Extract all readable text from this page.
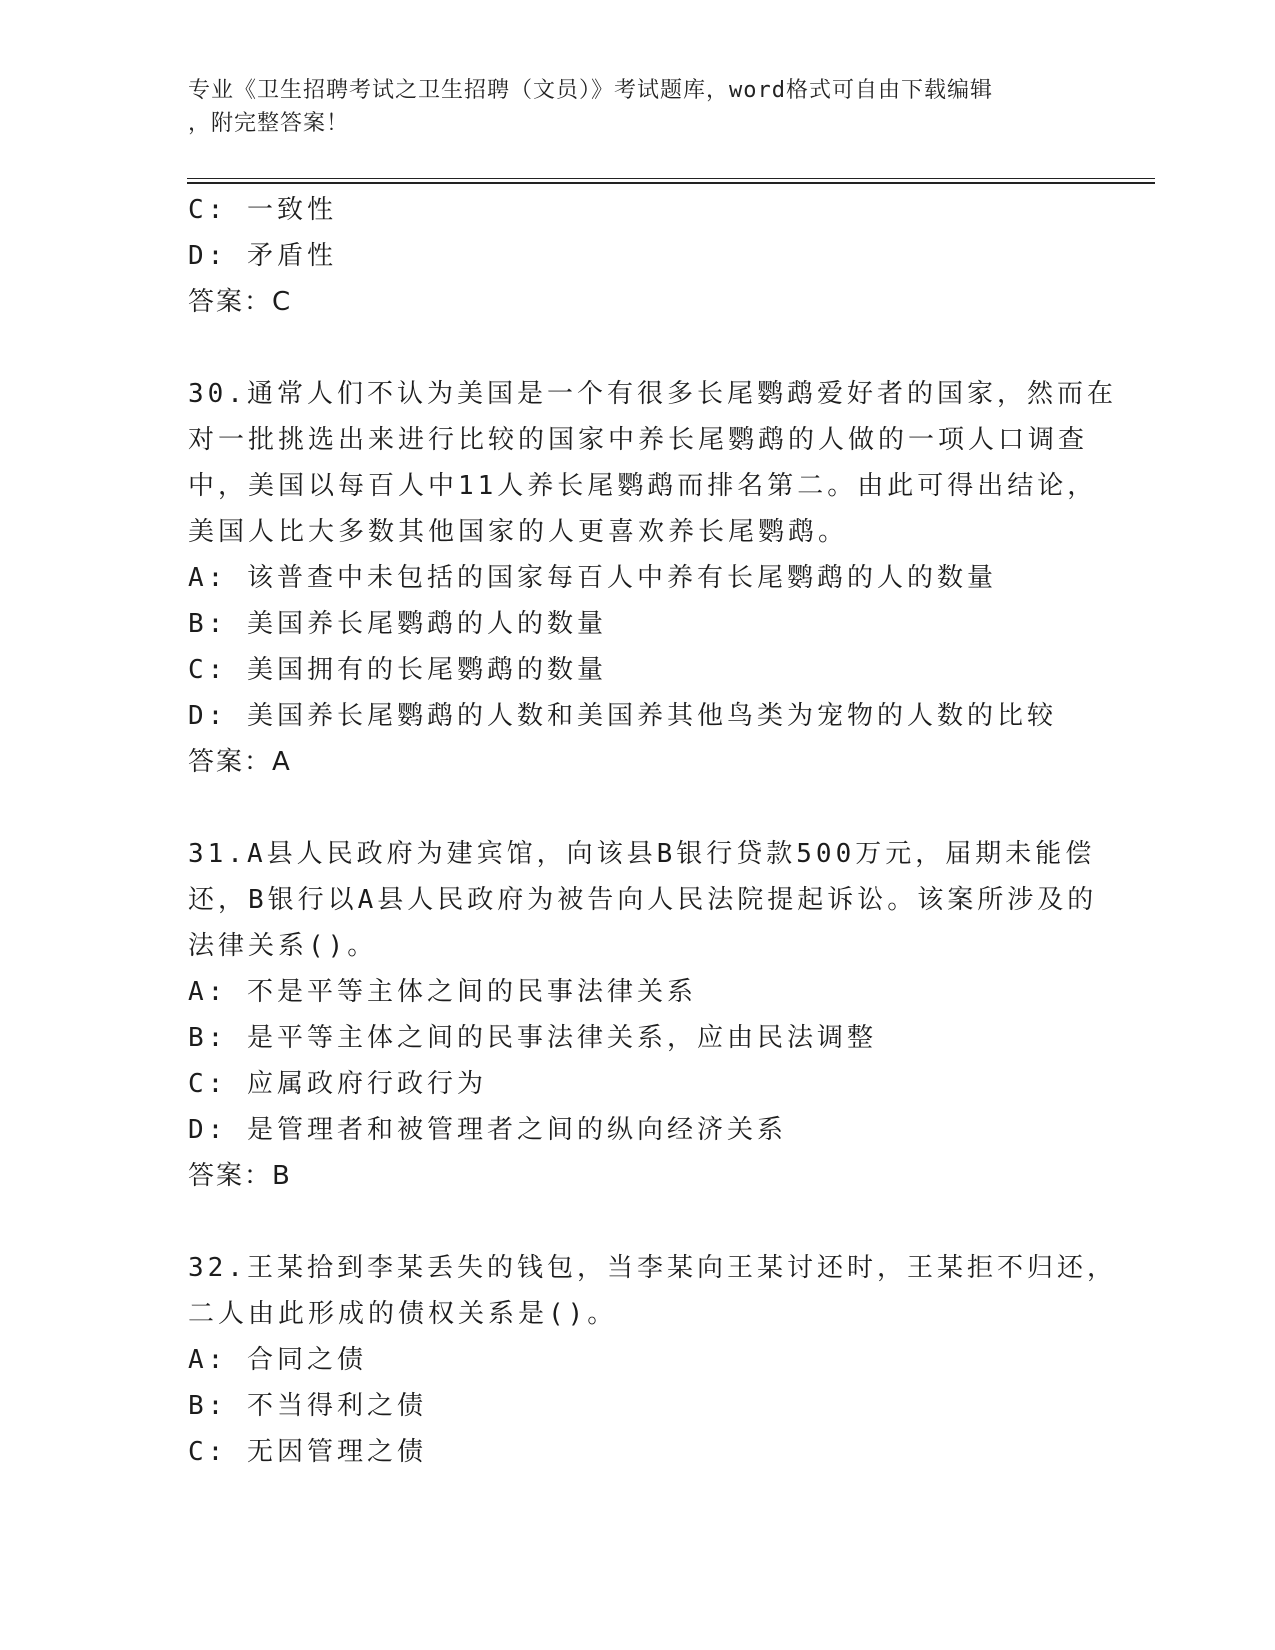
专业《卫生招聘考试之卫生招聘（文员）》考试题库，word格式可自由下载编辑
，附完整答案！
C: 一致性
D: 矛盾性
答案：C
30.通常人们不认为美国是一个有很多长尾鹦鹉爱好者的国家，然而在
对一批挑选出来进行比较的国家中养长尾鹦鹉的人做的一项人口调查
中，美国以每百人中11人养长尾鹦鹉而排名第二。由此可得出结论，
美国人比大多数其他国家的人更喜欢养长尾鹦鹉。
A: 该普查中未包括的国家每百人中养有长尾鹦鹉的人的数量
B: 美国养长尾鹦鹉的人的数量
C: 美国拥有的长尾鹦鹉的数量
D: 美国养长尾鹦鹉的人数和美国养其他鸟类为宠物的人数的比较
答案：A
31.A县人民政府为建宾馆，向该县B银行贷款500万元，届期未能偿
还，B银行以A县人民政府为被告向人民法院提起诉讼。该案所涉及的
法律关系()。
A: 不是平等主体之间的民事法律关系
B: 是平等主体之间的民事法律关系，应由民法调整
C: 应属政府行政行为
D: 是管理者和被管理者之间的纵向经济关系
答案：B
32.王某拾到李某丢失的钱包，当李某向王某讨还时，王某拒不归还，
二人由此形成的债权关系是()。
A: 合同之债
B: 不当得利之债
C: 无因管理之债
